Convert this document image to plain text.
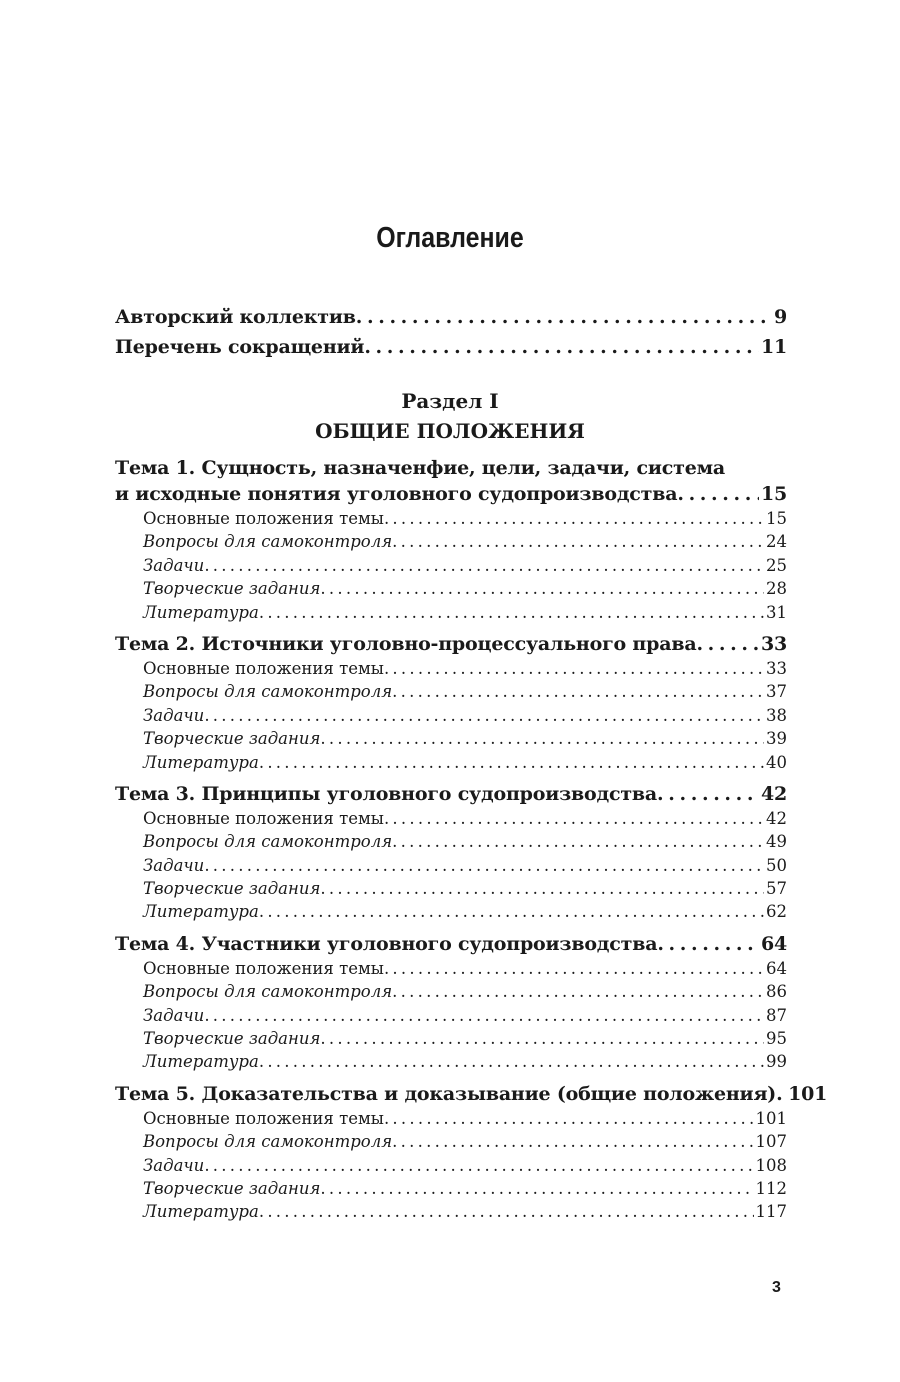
Оглавление
Авторский коллектив . . .	9
Перечень сокращений . . .	11
Раздел I
ОБЩИЕ ПОЛОЖЕНИЯ
Тема 1. Сущность, назначенфие, цели, задачи, система
и исходные понятия уголовного судопроизводства . . .	15
Основные положения темы . . .	15
Вопросы для самоконтроля . . .	24
Задачи . . .	25
Творческие задания . . .	28
Литература . . .	31
Тема 2. Источники уголовно-процессуального права . . .	33
Основные положения темы . . .	33
Вопросы для самоконтроля . . .	37
Задачи . . .	38
Творческие задания . . .	39
Литература . . .	40
Тема 3. Принципы уголовного судопроизводства . . .	42
Основные положения темы . . .	42
Вопросы для самоконтроля . . .	49
Задачи . . .	50
Творческие задания . . .	57
Литература . . .	62
Тема 4. Участники уголовного судопроизводства . . .	64
Основные положения темы . . .	64
Вопросы для самоконтроля . . .	86
Задачи . . .	87
Творческие задания . . .	95
Литература . . .	99
Тема 5. Доказательства и доказывание (общие положения) . . . 101
Основные положения темы . . .	101
Вопросы для самоконтроля . . .	107
Задачи . . .	108
Творческие задания . . .	112
Литература . . .	117
3
